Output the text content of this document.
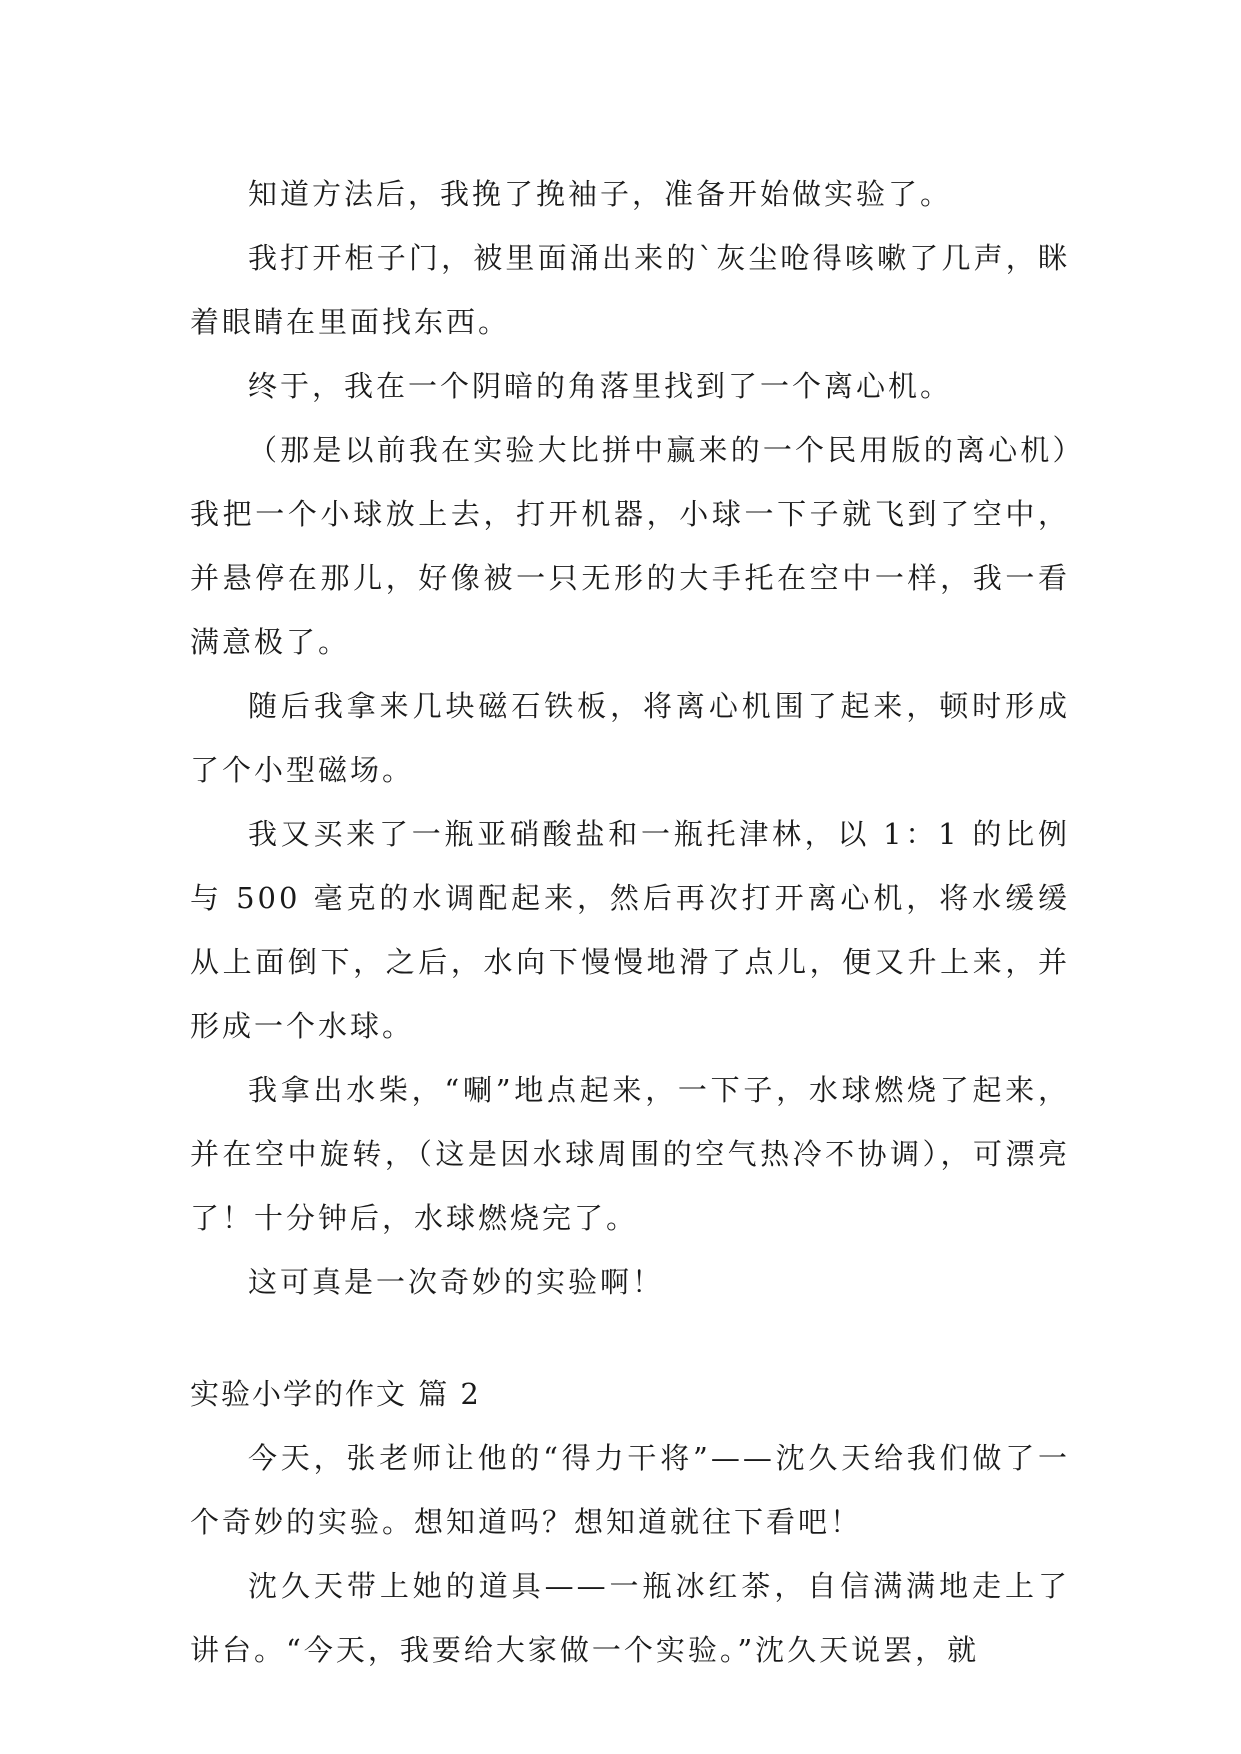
知道方法后，我挽了挽袖子，准备开始做实验了。

我打开柜子门，被里面涌出来的`灰尘呛得咳嗽了几声，眯着眼睛在里面找东西。

终于，我在一个阴暗的角落里找到了一个离心机。

（那是以前我在实验大比拼中赢来的一个民用版的离心机）我把一个小球放上去，打开机器，小球一下子就飞到了空中，并悬停在那儿，好像被一只无形的大手托在空中一样，我一看满意极了。

随后我拿来几块磁石铁板，将离心机围了起来，顿时形成了个小型磁场。

我又买来了一瓶亚硝酸盐和一瓶托津林，以 1：1 的比例与 500 毫克的水调配起来，然后再次打开离心机，将水缓缓从上面倒下，之后，水向下慢慢地滑了点儿，便又升上来，并形成一个水球。

我拿出水柴，“唰”地点起来，一下子，水球燃烧了起来，并在空中旋转，（这是因水球周围的空气热冷不协调），可漂亮了！十分钟后，水球燃烧完了。

这可真是一次奇妙的实验啊！

实验小学的作文 篇 2

今天，张老师让他的“得力干将”——沈久天给我们做了一个奇妙的实验。想知道吗？想知道就往下看吧！

沈久天带上她的道具——一瓶冰红茶，自信满满地走上了讲台。“今天，我要给大家做一个实验。”沈久天说罢，就
